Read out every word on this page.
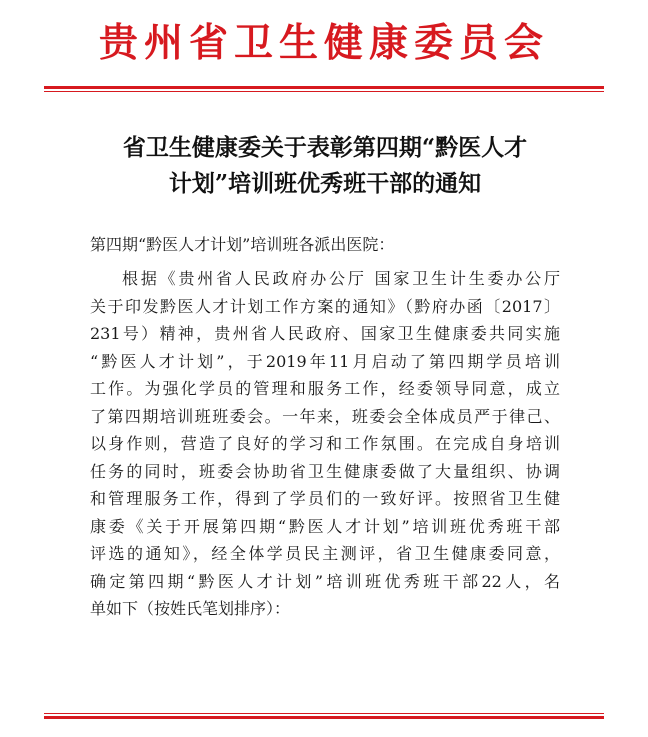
贵州省卫生健康委员会
省卫生健康委关于表彰第四期“黔医人才
计划”培训班优秀班干部的通知
第四期“黔医人才计划”培训班各派出医院：
根据《贵州省人民政府办公厅 国家卫生计生委办公厅
关于印发黔医人才计划工作方案的通知》（黔府办函〔2017〕
231号）精神，贵州省人民政府、国家卫生健康委共同实施
“黔医人才计划”，于2019年11月启动了第四期学员培训
工作。为强化学员的管理和服务工作，经委领导同意，成立
了第四期培训班班委会。一年来，班委会全体成员严于律己、
以身作则，营造了良好的学习和工作氛围。在完成自身培训
任务的同时，班委会协助省卫生健康委做了大量组织、协调
和管理服务工作，得到了学员们的一致好评。按照省卫生健
康委《关于开展第四期“黔医人才计划”培训班优秀班干部
评选的通知》，经全体学员民主测评，省卫生健康委同意，
确定第四期“黔医人才计划”培训班优秀班干部22人，名
单如下（按姓氏笔划排序）：
